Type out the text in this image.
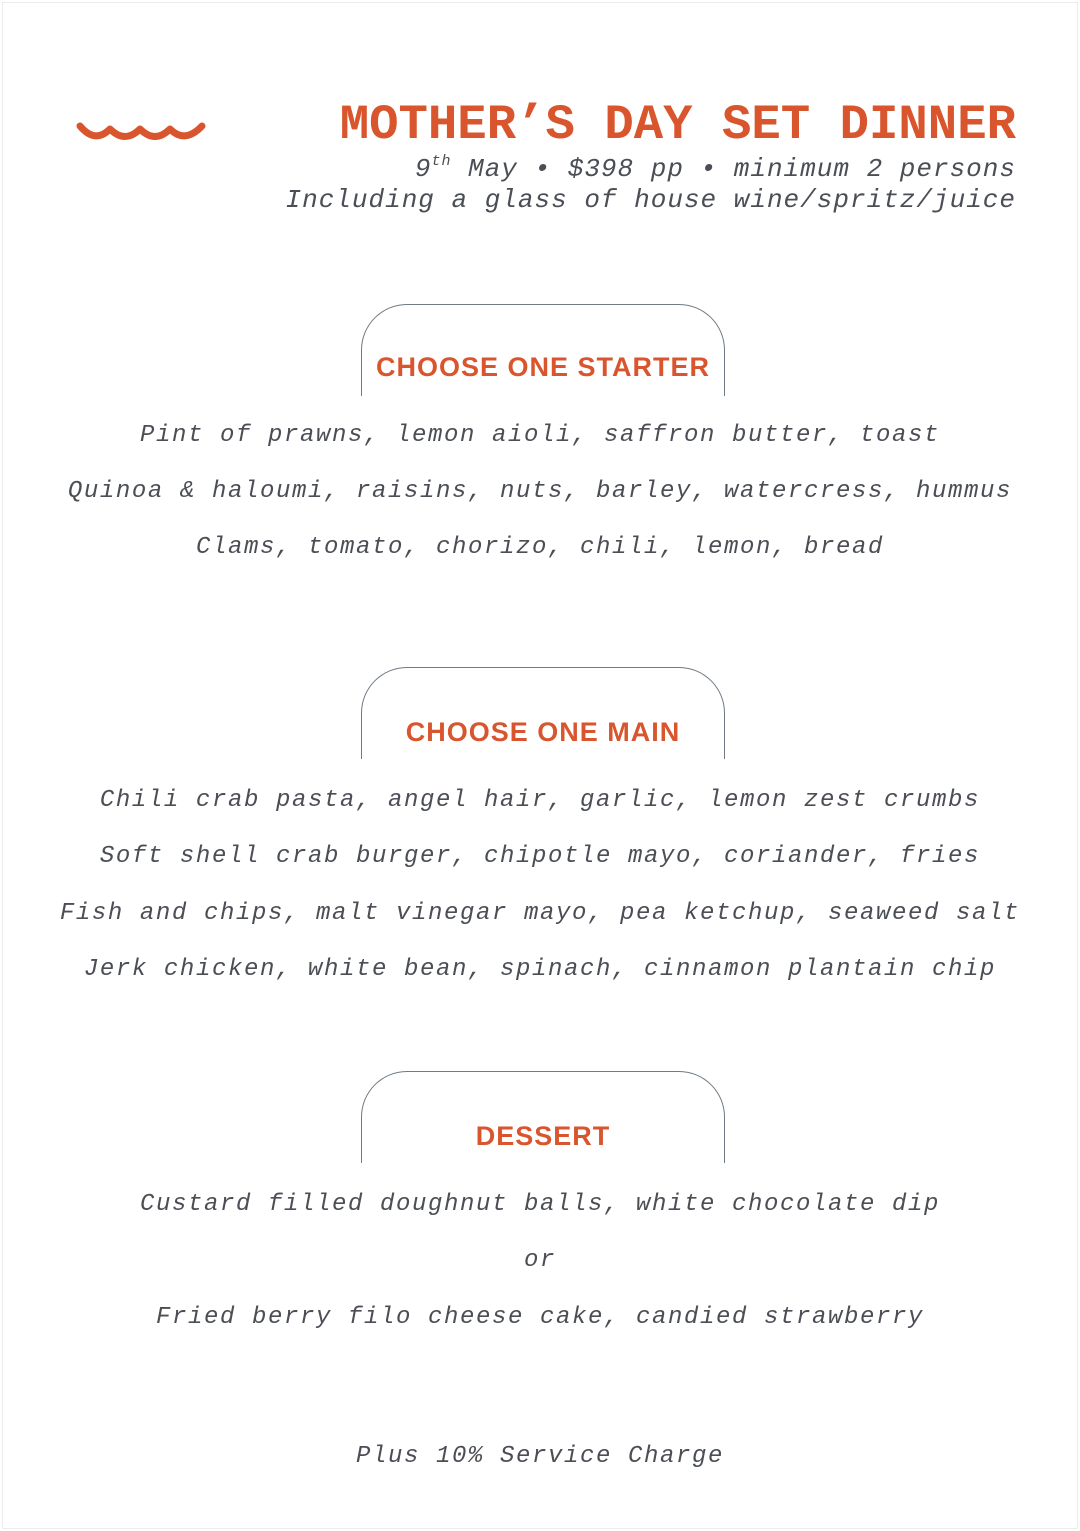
MOTHER’S DAY SET DINNER
9th May • $398 pp • minimum 2 persons
Including a glass of house wine/spritz/juice
CHOOSE ONE STARTER
Pint of prawns, lemon aioli, saffron butter, toast
Quinoa & haloumi, raisins, nuts, barley, watercress, hummus
Clams, tomato, chorizo, chili, lemon, bread
CHOOSE ONE MAIN
Chili crab pasta, angel hair, garlic, lemon zest crumbs
Soft shell crab burger, chipotle mayo, coriander, fries
Fish and chips, malt vinegar mayo, pea ketchup, seaweed salt
Jerk chicken, white bean, spinach, cinnamon plantain chip
DESSERT
Custard filled doughnut balls, white chocolate dip
or
Fried berry filo cheese cake, candied strawberry
Plus 10% Service Charge
